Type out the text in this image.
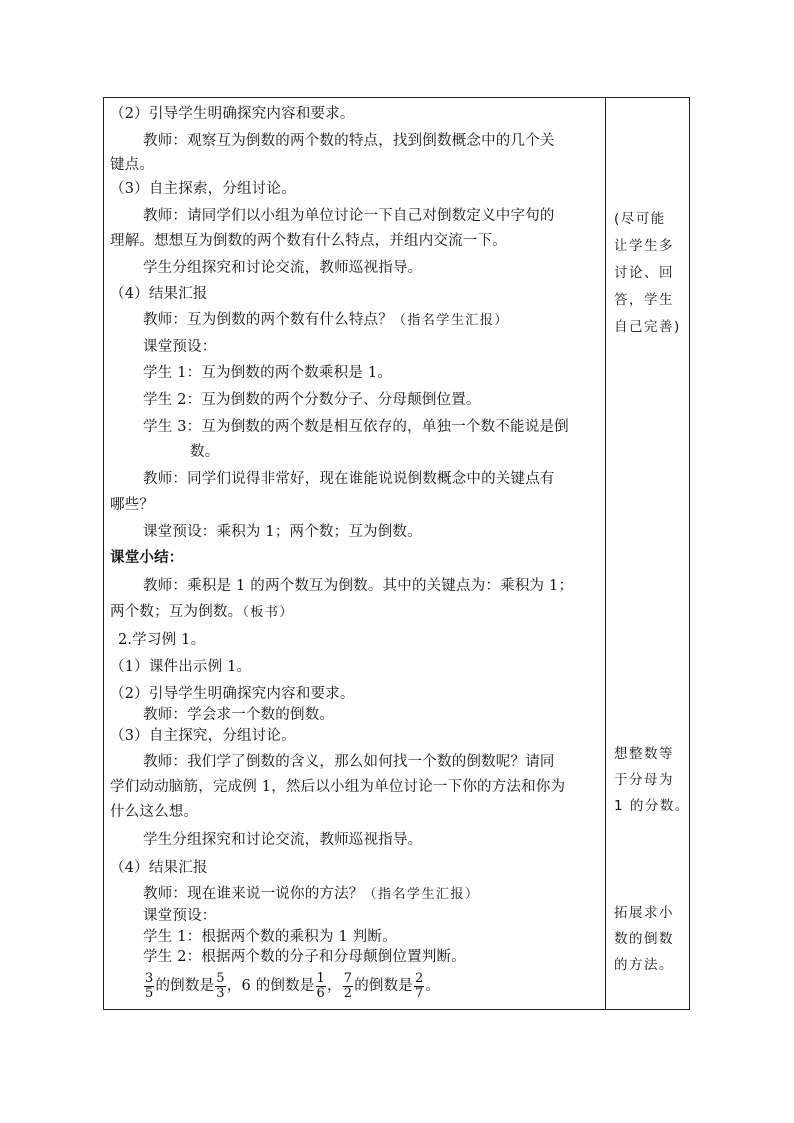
（2）引导学生明确探究内容和要求。
教师：观察互为倒数的两个数的特点，找到倒数概念中的几个关
键点。
（3）自主探索，分组讨论。
教师：请同学们以小组为单位讨论一下自己对倒数定义中字句的
理解。想想互为倒数的两个数有什么特点，并组内交流一下。
学生分组探究和讨论交流，教师巡视指导。
（4）结果汇报
教师：互为倒数的两个数有什么特点？（指名学生汇报）
课堂预设：
学生 1：互为倒数的两个数乘积是 1。
学生 2：互为倒数的两个分数分子、分母颠倒位置。
学生 3：互为倒数的两个数是相互依存的，单独一个数不能说是倒
数。
教师：同学们说得非常好，现在谁能说说倒数概念中的关键点有
哪些？
课堂预设：乘积为 1；两个数；互为倒数。
课堂小结：
教师：乘积是 1 的两个数互为倒数。其中的关键点为：乘积为 1；
两个数；互为倒数。（板书）
2.学习例 1。
（1）课件出示例 1。
（2）引导学生明确探究内容和要求。
教师：学会求一个数的倒数。
（3）自主探究，分组讨论。
教师：我们学了倒数的含义，那么如何找一个数的倒数呢？请同
学们动动脑筋，完成例 1，然后以小组为单位讨论一下你的方法和你为
什么这么想。
学生分组探究和讨论交流，教师巡视指导。
（4）结果汇报
教师：现在谁来说一说你的方法？（指名学生汇报）
课堂预设：
学生 1：根据两个数的乘积为 1 判断。
学生 2：根据两个数的分子和分母颠倒位置判断。
$\frac{3}{5}$ 的倒数是 $\frac{5}{3}$ ，6 的倒数是 $\frac{1}{6}$ ， $\frac{7}{2}$ 的倒数是 $\frac{2}{7}$ 。
(尽可能
让学生多
讨论、回
答，学生
自己完善)
想整数等
于分母为
1 的分数。
拓展求小
数的倒数
的方法。
